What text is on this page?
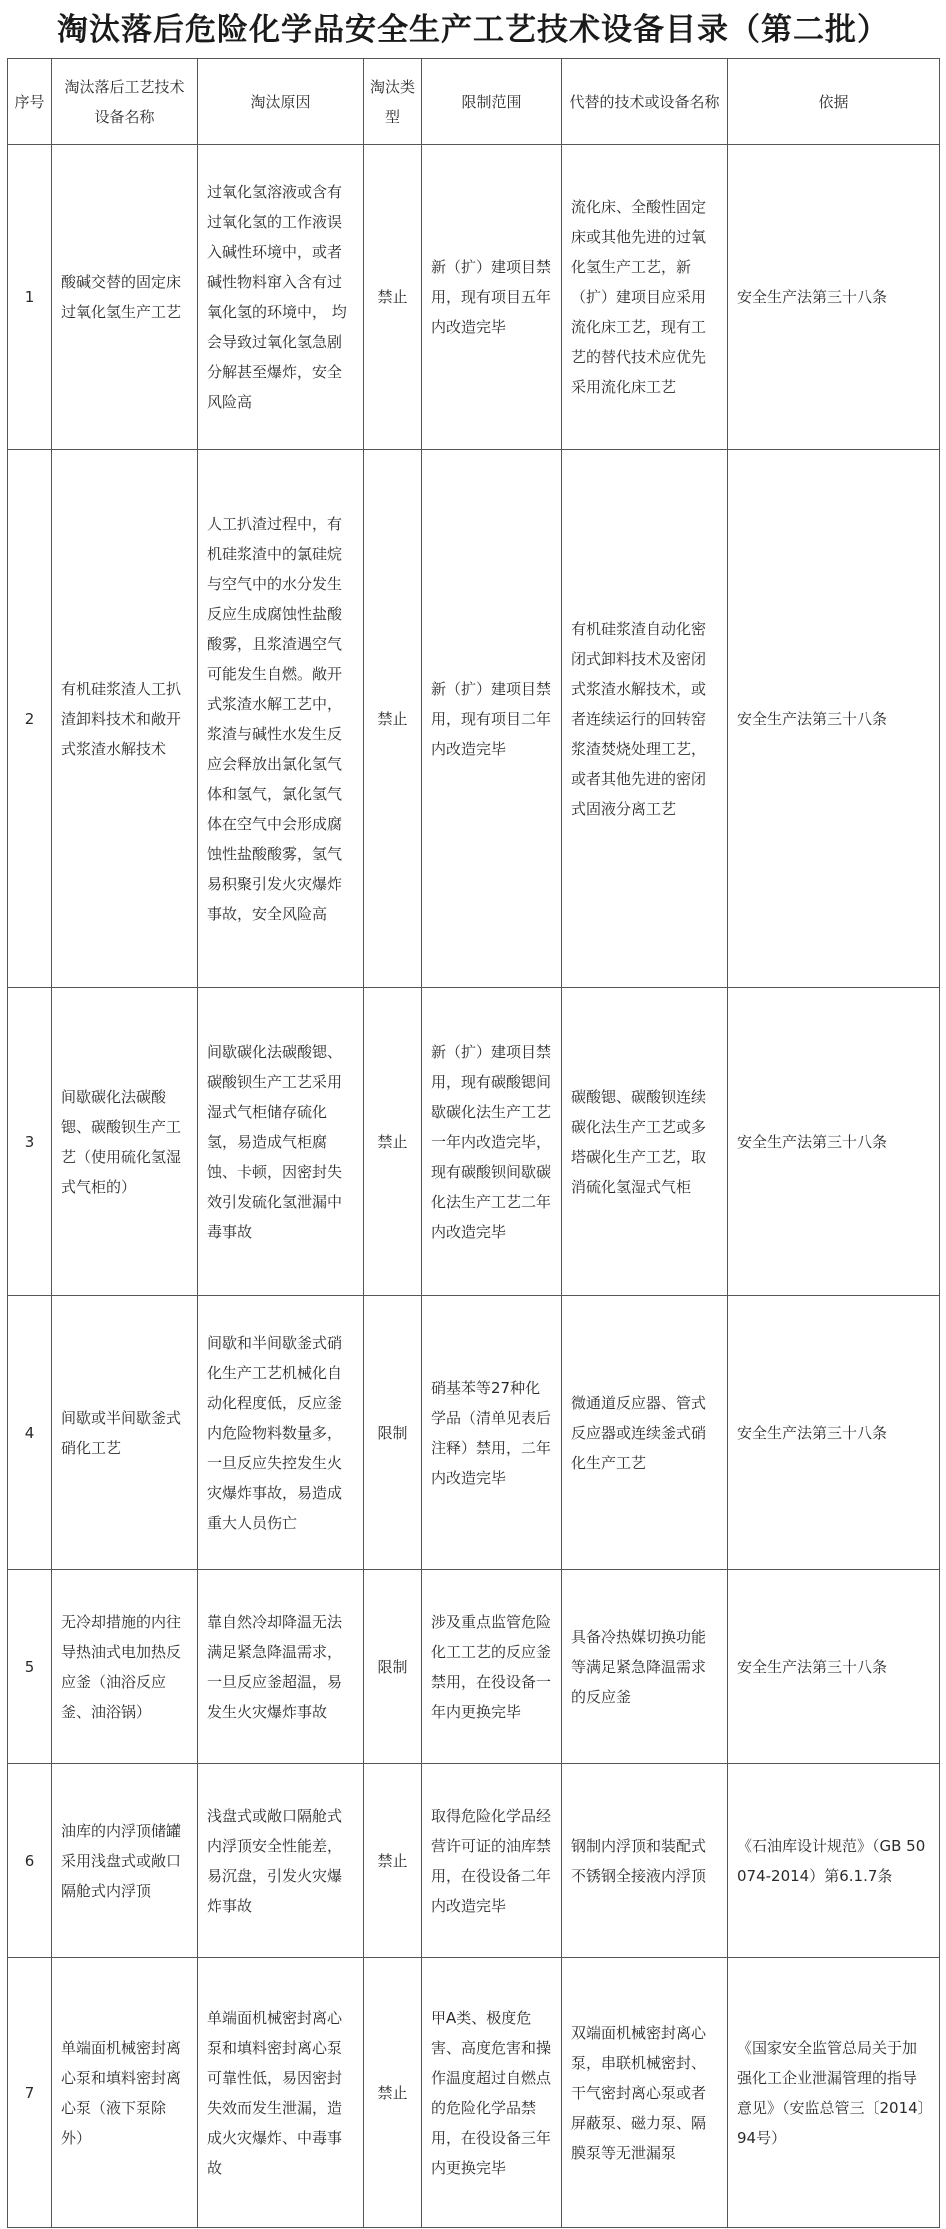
淘汰落后危险化学品安全生产工艺技术设备目录（第二批）
序号	淘汰落后工艺技术设备名称	淘汰原因	淘汰类型	限制范围	代替的技术或设备名称	依据
1	酸碱交替的固定床过氧化氢生产工艺	过氧化氢溶液或含有过氧化氢的工作液误入碱性环境中，或者碱性物料窜入含有过氧化氢的环境中， 均会导致过氧化氢急剧分解甚至爆炸，安全风险高	禁止	新（扩）建项目禁用，现有项目五年内改造完毕	流化床、全酸性固定床或其他先进的过氧化氢生产工艺，新（扩）建项目应采用流化床工艺，现有工艺的替代技术应优先采用流化床工艺	安全生产法第三十八条
2	有机硅浆渣人工扒渣卸料技术和敞开式浆渣水解技术	人工扒渣过程中，有机硅浆渣中的氯硅烷与空气中的水分发生反应生成腐蚀性盐酸酸雾，且浆渣遇空气可能发生自燃。敞开式浆渣水解工艺中，浆渣与碱性水发生反应会释放出氯化氢气体和氢气，氯化氢气体在空气中会形成腐蚀性盐酸酸雾，氢气易积聚引发火灾爆炸事故，安全风险高	禁止	新（扩）建项目禁用，现有项目二年内改造完毕	有机硅浆渣自动化密闭式卸料技术及密闭式浆渣水解技术，或者连续运行的回转窑浆渣焚烧处理工艺，或者其他先进的密闭式固液分离工艺	安全生产法第三十八条
3	间歇碳化法碳酸锶、碳酸钡生产工艺（使用硫化氢湿式气柜的）	间歇碳化法碳酸锶、碳酸钡生产工艺采用湿式气柜储存硫化氢，易造成气柜腐蚀、卡顿，因密封失效引发硫化氢泄漏中毒事故	禁止	新（扩）建项目禁用，现有碳酸锶间歇碳化法生产工艺一年内改造完毕，现有碳酸钡间歇碳化法生产工艺二年内改造完毕	碳酸锶、碳酸钡连续碳化法生产工艺或多塔碳化生产工艺，取消硫化氢湿式气柜	安全生产法第三十八条
4	间歇或半间歇釜式硝化工艺	间歇和半间歇釜式硝化生产工艺机械化自动化程度低，反应釜内危险物料数量多，一旦反应失控发生火灾爆炸事故，易造成重大人员伤亡	限制	硝基苯等27种化学品（清单见表后注释）禁用，二年内改造完毕	微通道反应器、管式反应器或连续釜式硝化生产工艺	安全生产法第三十八条
5	无冷却措施的内往导热油式电加热反应釜（油浴反应釜、油浴锅）	靠自然冷却降温无法满足紧急降温需求，一旦反应釜超温，易发生火灾爆炸事故	限制	涉及重点监管危险化工工艺的反应釜禁用，在役设备一年内更换完毕	具备冷热媒切换功能等满足紧急降温需求的反应釜	安全生产法第三十八条
6	油库的内浮顶储罐采用浅盘式或敞口隔舱式内浮顶	浅盘式或敞口隔舱式内浮顶安全性能差，易沉盘，引发火灾爆炸事故	禁止	取得危险化学品经营许可证的油库禁用，在役设备二年内改造完毕	钢制内浮顶和装配式不锈钢全接液内浮顶	《石油库设计规范》（GB 50074-2014）第6.1.7条
7	单端面机械密封离心泵和填料密封离心泵（液下泵除外）	单端面机械密封离心泵和填料密封离心泵可靠性低，易因密封失效而发生泄漏，造成火灾爆炸、中毒事故	禁止	甲A类、极度危害、高度危害和操作温度超过自燃点的危险化学品禁用，在役设备三年内更换完毕	双端面机械密封离心泵，串联机械密封、干气密封离心泵或者屏蔽泵、磁力泵、隔膜泵等无泄漏泵	《国家安全监管总局关于加强化工企业泄漏管理的指导意见》（安监总管三〔2014〕94号）
